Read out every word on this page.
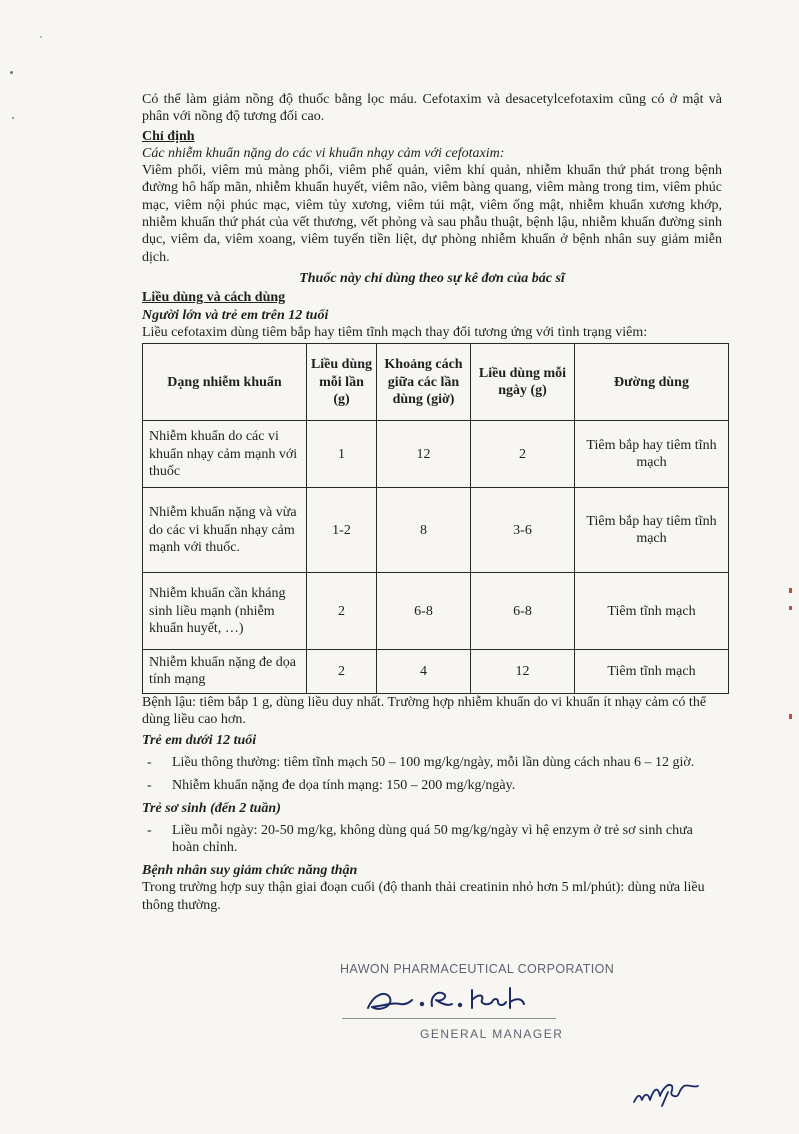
Có thể làm giảm nồng độ thuốc bằng lọc máu. Cefotaxim và desacetylcefotaxim cũng có ở mật và phân với nồng độ tương đối cao.

Chỉ định

Các nhiễm khuẩn nặng do các vi khuẩn nhạy cảm với cefotaxim:

Viêm phổi, viêm mủ màng phổi, viêm phế quản, viêm khí quản, nhiễm khuẩn thứ phát trong bệnh đường hô hấp mãn, nhiễm khuẩn huyết, viêm não, viêm bàng quang, viêm màng trong tim, viêm phúc mạc, viêm nội phúc mạc, viêm tủy xương, viêm túi mật, viêm ống mật, nhiễm khuẩn xương khớp, nhiễm khuẩn thứ phát của vết thương, vết phỏng và sau phẫu thuật, bệnh lậu, nhiễm khuẩn đường sinh dục, viêm da, viêm xoang, viêm tuyến tiền liệt, dự phòng nhiễm khuẩn ở bệnh nhân suy giảm miễn dịch.

Thuốc này chỉ dùng theo sự kê đơn của bác sĩ

Liều dùng và cách dùng

Người lớn và trẻ em trên 12 tuổi

Liều cefotaxim dùng tiêm bắp hay tiêm tĩnh mạch thay đổi tương ứng với tình trạng viêm:

Dạng nhiễm khuẩn	Liều dùng mỗi lần (g)	Khoảng cách giữa các lần dùng (giờ)	Liều dùng mỗi ngày (g)	Đường dùng
Nhiễm khuẩn do các vi khuẩn nhạy cảm mạnh với thuốc	1	12	2	Tiêm bắp hay tiêm tĩnh mạch
Nhiễm khuẩn nặng và vừa do các vi khuẩn nhạy cảm mạnh với thuốc.	1-2	8	3-6	Tiêm bắp hay tiêm tĩnh mạch
Nhiễm khuẩn cần kháng sinh liều mạnh (nhiễm khuẩn huyết, …)	2	6-8	6-8	Tiêm tĩnh mạch
Nhiễm khuẩn nặng đe dọa tính mạng	2	4	12	Tiêm tĩnh mạch

Bệnh lậu: tiêm bắp 1 g, dùng liều duy nhất. Trường hợp nhiễm khuẩn do vi khuẩn ít nhạy cảm có thể dùng liều cao hơn.

Trẻ em dưới 12 tuổi

- Liều thông thường: tiêm tĩnh mạch 50 – 100 mg/kg/ngày, mỗi lần dùng cách nhau 6 – 12 giờ.
- Nhiễm khuẩn nặng đe dọa tính mạng: 150 – 200 mg/kg/ngày.

Trẻ sơ sinh (đến 2 tuần)

- Liều mỗi ngày: 20-50 mg/kg, không dùng quá 50 mg/kg/ngày vì hệ enzym ở trẻ sơ sinh chưa hoàn chỉnh.

Bệnh nhân suy giảm chức năng thận

Trong trường hợp suy thận giai đoạn cuối (độ thanh thải creatinin nhỏ hơn 5 ml/phút): dùng nửa liều thông thường.

HAWON PHARMACEUTICAL CORPORATION
GENERAL MANAGER
